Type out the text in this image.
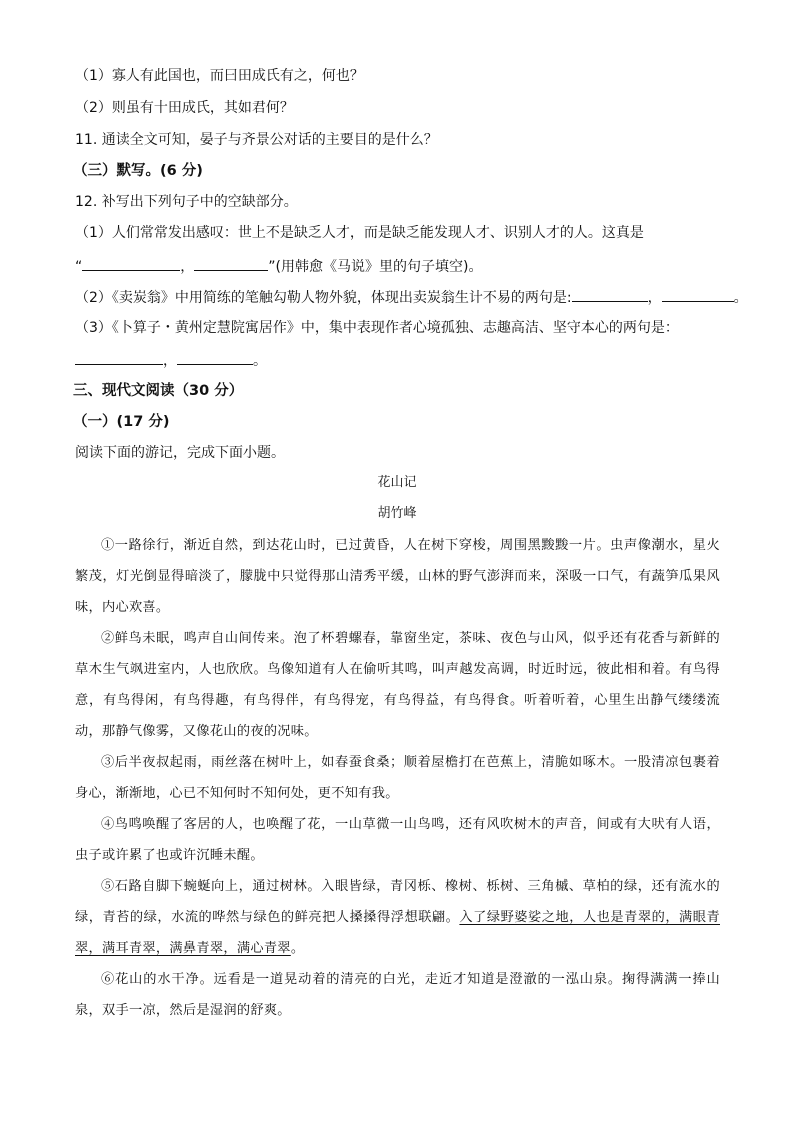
（1）寡人有此国也，而曰田成氏有之，何也？
（2）则虽有十田成氏，其如君何？
11. 通读全文可知，晏子与齐景公对话的主要目的是什么？
（三）默写。(6 分)
12. 补写出下列句子中的空缺部分。
（1）人们常常发出感叹：世上不是缺乏人才，而是缺乏能发现人才、识别人才的人。这真是
“	，	”(用韩愈《马说》里的句子填空)。
（2）《卖炭翁》中用简练的笔触勾勒人物外貌，体现出卖炭翁生计不易的两句是:	，	。
（3）《卜算子・黄州定慧院寓居作》中，集中表现作者心境孤独、志趣高洁、坚守本心的两句是：
，	。
三、现代文阅读（30 分）
（一）(17 分)
阅读下面的游记，完成下面小题。
花山记
胡竹峰
①一路徐行，渐近自然，到达花山时，已过黄昏，人在树下穿梭，周围黑黢黢一片。虫声像潮水，星火繁茂，灯光倒显得暗淡了，朦胧中只觉得那山清秀平缓，山林的野气澎湃而来，深吸一口气，有蔬笋瓜果风味，内心欢喜。
②鲜鸟未眠，鸣声自山间传来。泡了杯碧螺春，靠窗坐定，茶味、夜色与山风，似乎还有花香与新鲜的草木生气飒进室内，人也欣欣。鸟像知道有人在偷听其鸣，叫声越发高调，时近时远，彼此相和着。有鸟得意，有鸟得闲，有鸟得趣，有鸟得伴，有鸟得宠，有鸟得益，有鸟得食。听着听着，心里生出静气缕缕流动，那静气像雾，又像花山的夜的况味。
③后半夜叔起雨，雨丝落在树叶上，如春蚕食桑；顺着屋檐打在芭蕉上，清脆如啄木。一股清凉包裹着身心，渐渐地，心已不知何时不知何处，更不知有我。
④鸟鸣唤醒了客居的人，也唤醒了花，一山草微一山鸟鸣，还有风吹树木的声音，间或有大吠有人语，虫子或许累了也或许沉睡未醒。
⑤石路自脚下蜿蜒向上，通过树林。入眼皆绿，青冈栎、橡树、栎树、三角槭、草柏的绿，还有流水的绿，青苔的绿，水流的哗然与绿色的鲜亮把人搡搡得浮想联翩。入了绿野婆娑之地，人也是青翠的，满眼青翠，满耳青翠，满鼻青翠，满心青翠。
⑥花山的水干净。远看是一道晃动着的清亮的白光，走近才知道是澄澈的一泓山泉。掬得满满一捧山泉，双手一凉，然后是湿润的舒爽。
